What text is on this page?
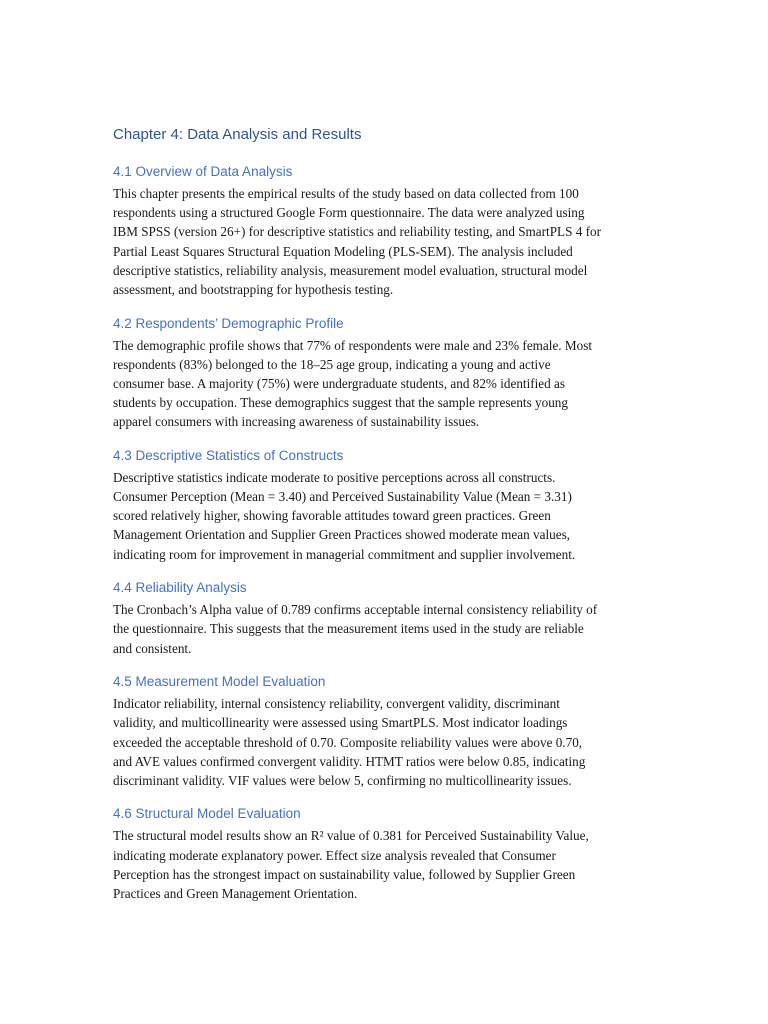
Chapter 4: Data Analysis and Results
4.1 Overview of Data Analysis
This chapter presents the empirical results of the study based on data collected from 100
respondents using a structured Google Form questionnaire. The data were analyzed using
IBM SPSS (version 26+) for descriptive statistics and reliability testing, and SmartPLS 4 for
Partial Least Squares Structural Equation Modeling (PLS-SEM). The analysis included
descriptive statistics, reliability analysis, measurement model evaluation, structural model
assessment, and bootstrapping for hypothesis testing.
4.2 Respondents’ Demographic Profile
The demographic profile shows that 77% of respondents were male and 23% female. Most
respondents (83%) belonged to the 18–25 age group, indicating a young and active
consumer base. A majority (75%) were undergraduate students, and 82% identified as
students by occupation. These demographics suggest that the sample represents young
apparel consumers with increasing awareness of sustainability issues.
4.3 Descriptive Statistics of Constructs
Descriptive statistics indicate moderate to positive perceptions across all constructs.
Consumer Perception (Mean = 3.40) and Perceived Sustainability Value (Mean = 3.31)
scored relatively higher, showing favorable attitudes toward green practices. Green
Management Orientation and Supplier Green Practices showed moderate mean values,
indicating room for improvement in managerial commitment and supplier involvement.
4.4 Reliability Analysis
The Cronbach’s Alpha value of 0.789 confirms acceptable internal consistency reliability of
the questionnaire. This suggests that the measurement items used in the study are reliable
and consistent.
4.5 Measurement Model Evaluation
Indicator reliability, internal consistency reliability, convergent validity, discriminant
validity, and multicollinearity were assessed using SmartPLS. Most indicator loadings
exceeded the acceptable threshold of 0.70. Composite reliability values were above 0.70,
and AVE values confirmed convergent validity. HTMT ratios were below 0.85, indicating
discriminant validity. VIF values were below 5, confirming no multicollinearity issues.
4.6 Structural Model Evaluation
The structural model results show an R² value of 0.381 for Perceived Sustainability Value,
indicating moderate explanatory power. Effect size analysis revealed that Consumer
Perception has the strongest impact on sustainability value, followed by Supplier Green
Practices and Green Management Orientation.
